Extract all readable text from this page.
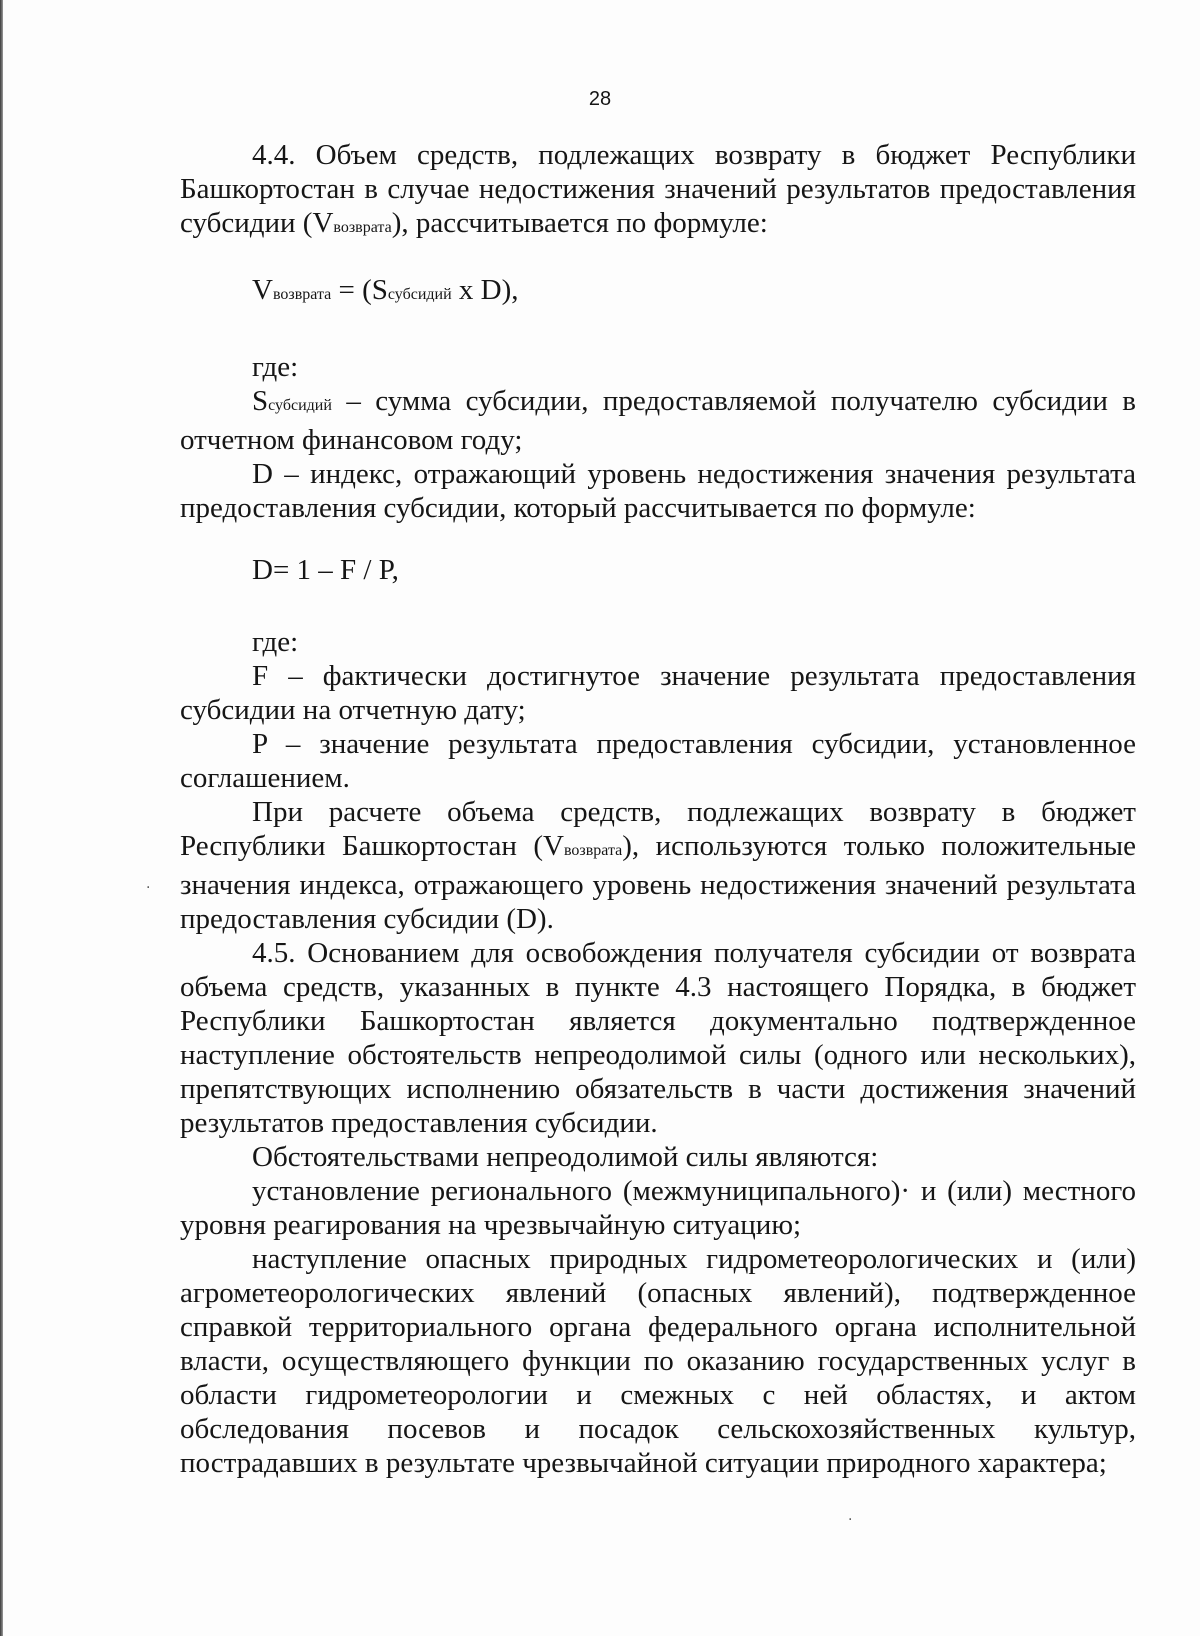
28

4.4. Объем средств, подлежащих возврату в бюджет Республики Башкортостан в случае недостижения значений результатов предоставления субсидии (Vвозврата), рассчитывается по формуле:

Vвозврата = (Sсубсидий x D),

где:

Sсубсидий – сумма субсидии, предоставляемой получателю субсидии в отчетном финансовом году;

D – индекс, отражающий уровень недостижения значения результата предоставления субсидии, который рассчитывается по формуле:

D= 1 – F / P,

где:

F – фактически достигнутое значение результата предоставления субсидии на отчетную дату;

P – значение результата предоставления субсидии, установленное соглашением.

При расчете объема средств, подлежащих возврату в бюджет Республики Башкортостан (Vвозврата), используются только положительные значения индекса, отражающего уровень недостижения значений результата предоставления субсидии (D).

4.5. Основанием для освобождения получателя субсидии от возврата объема средств, указанных в пункте 4.3 настоящего Порядка, в бюджет Республики Башкортостан является документально подтвержденное наступление обстоятельств непреодолимой силы (одного или нескольких), препятствующих исполнению обязательств в части достижения значений результатов предоставления субсидии.

Обстоятельствами непреодолимой силы являются:

установление регионального (межмуниципального)· и (или) местного уровня реагирования на чрезвычайную ситуацию;

наступление опасных природных гидрометеорологических и (или) агрометеорологических явлений (опасных явлений), подтвержденное справкой территориального органа федерального органа исполнительной власти, осуществляющего функции по оказанию государственных услуг в области гидрометеорологии и смежных с ней областях, и актом обследования посевов и посадок сельскохозяйственных культур, пострадавших в результате чрезвычайной ситуации природного характера;

·
·
